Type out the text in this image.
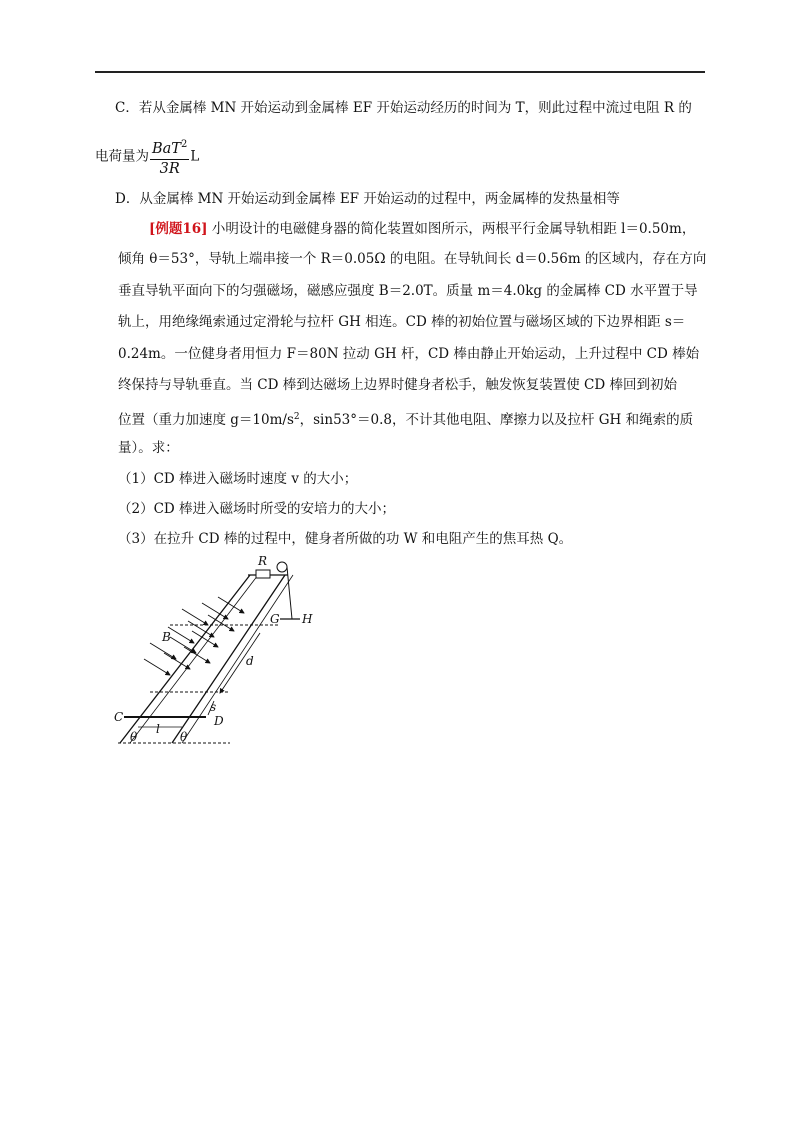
C．若从金属棒 MN 开始运动到金属棒 EF 开始运动经历的时间为 T，则此过程中流过电阻 R 的
电荷量为 $\frac{BaT^2}{3R}$ L
D．从金属棒 MN 开始运动到金属棒 EF 开始运动的过程中，两金属棒的发热量相等
[例题16] 小明设计的电磁健身器的简化装置如图所示，两根平行金属导轨相距 l＝0.50m，
倾角 θ＝53°，导轨上端串接一个 R＝0.05Ω 的电阻。在导轨间长 d＝0.56m 的区域内，存在方向
垂直导轨平面向下的匀强磁场，磁感应强度 B＝2.0T。质量 m＝4.0kg 的金属棒 CD 水平置于导
轨上，用绝缘绳索通过定滑轮与拉杆 GH 相连。CD 棒的初始位置与磁场区域的下边界相距 s＝
0.24m。一位健身者用恒力 F＝80N 拉动 GH 杆，CD 棒由静止开始运动，上升过程中 CD 棒始
终保持与导轨垂直。当 CD 棒到达磁场上边界时健身者松手，触发恢复装置使 CD 棒回到初始
位置（重力加速度 $g=10m/s^2$，sin53°＝0.8，不计其他电阻、摩擦力以及拉杆 GH 和绳索的质
量）。求：
（1）CD 棒进入磁场时速度 v 的大小；
（2）CD 棒进入磁场时所受的安培力的大小；
（3）在拉升 CD 棒的过程中，健身者所做的功 W 和电阻产生的焦耳热 Q。
R
G H
B
d
s
C	D
l
θ	θ
